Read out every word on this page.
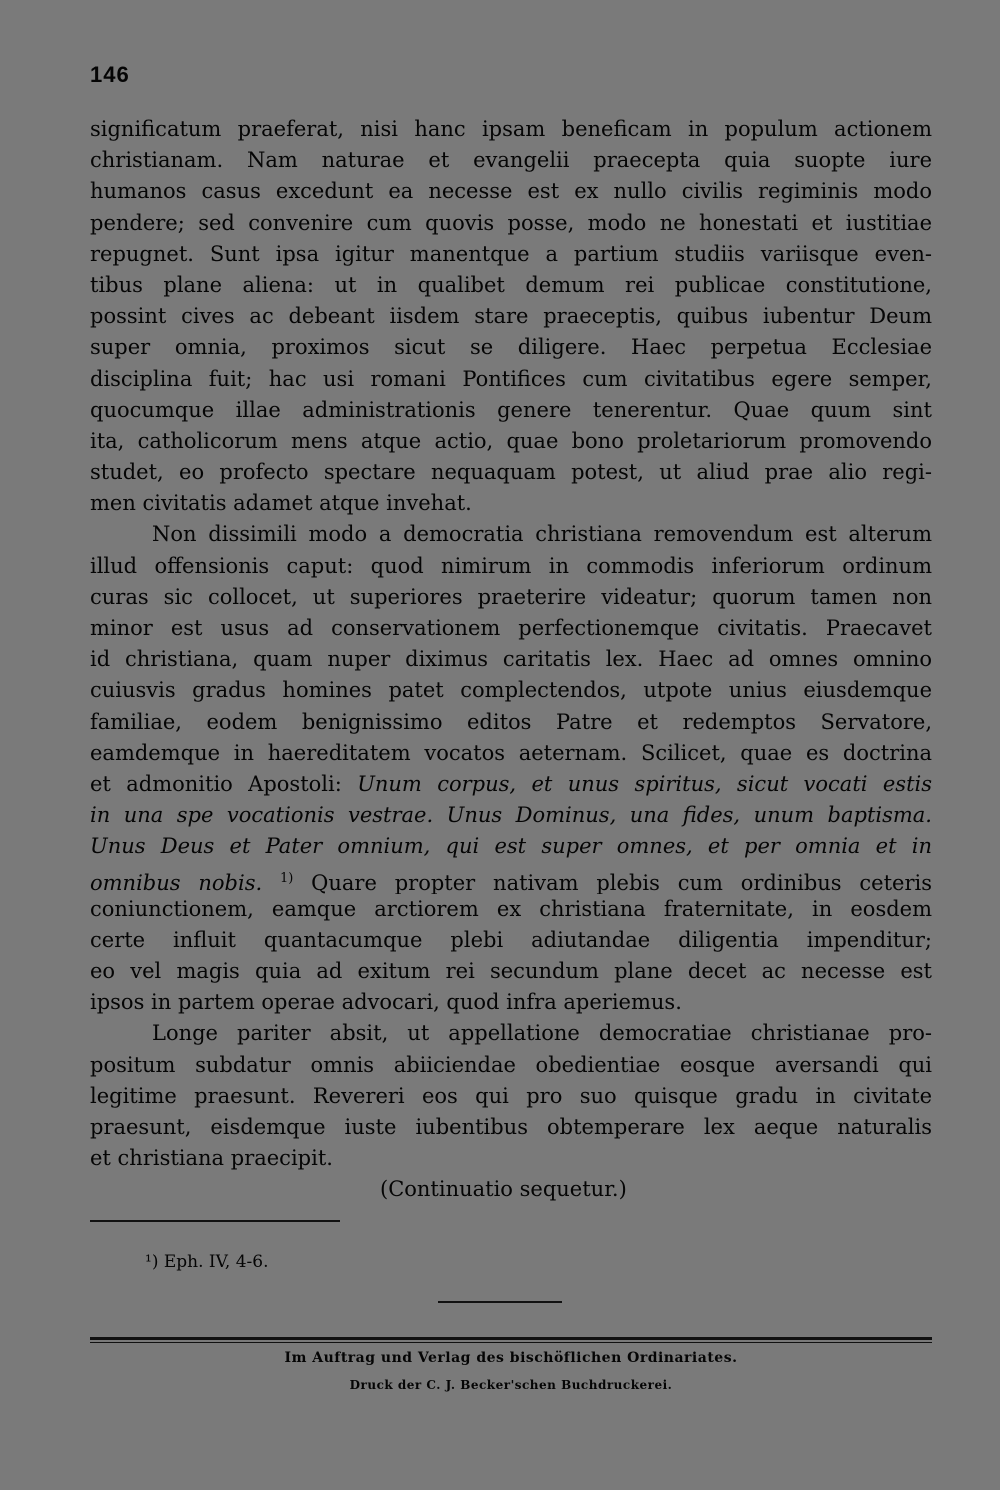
146
significatum praeferat, nisi hanc ipsam beneficam in populum actionem
christianam. Nam naturae et evangelii praecepta quia suopte iure
humanos casus excedunt ea necesse est ex nullo civilis regiminis modo
pendere; sed convenire cum quovis posse, modo ne honestati et iustitiae
repugnet. Sunt ipsa igitur manentque a partium studiis variisque even-
tibus plane aliena: ut in qualibet demum rei publicae constitutione,
possint cives ac debeant iisdem stare praeceptis, quibus iubentur Deum
super omnia, proximos sicut se diligere. Haec perpetua Ecclesiae
disciplina fuit; hac usi romani Pontifices cum civitatibus egere semper,
quocumque illae administrationis genere tenerentur. Quae quum sint
ita, catholicorum mens atque actio, quae bono proletariorum promovendo
studet, eo profecto spectare nequaquam potest, ut aliud prae alio regi-
men civitatis adamet atque invehat.
Non dissimili modo a democratia christiana removendum est alterum
illud offensionis caput: quod nimirum in commodis inferiorum ordinum
curas sic collocet, ut superiores praeterire videatur; quorum tamen non
minor est usus ad conservationem perfectionemque civitatis. Praecavet
id christiana, quam nuper diximus caritatis lex. Haec ad omnes omnino
cuiusvis gradus homines patet complectendos, utpote unius eiusdemque
familiae, eodem benignissimo editos Patre et redemptos Servatore,
eamdemque in haereditatem vocatos aeternam. Scilicet, quae es doctrina
et admonitio Apostoli: Unum corpus, et unus spiritus, sicut vocati estis
in una spe vocationis vestrae. Unus Dominus, una fides, unum baptisma.
Unus Deus et Pater omnium, qui est super omnes, et per omnia et in
omnibus nobis. $^{1)}$ Quare propter nativam plebis cum ordinibus ceteris
coniunctionem, eamque arctiorem ex christiana fraternitate, in eosdem
certe influit quantacumque plebi adiutandae diligentia impenditur;
eo vel magis quia ad exitum rei secundum plane decet ac necesse est
ipsos in partem operae advocari, quod infra aperiemus.
Longe pariter absit, ut appellatione democratiae christianae pro-
positum subdatur omnis abiiciendae obedientiae eosque aversandi qui
legitime praesunt. Revereri eos qui pro suo quisque gradu in civitate
praesunt, eisdemque iuste iubentibus obtemperare lex aeque naturalis
et christiana praecipit.
(Continuatio sequetur.)
¹) Eph. IV, 4-6.
Im Auftrag und Verlag des bischöflichen Ordinariates.
Druck der C. J. Becker'schen Buchdruckerei.
